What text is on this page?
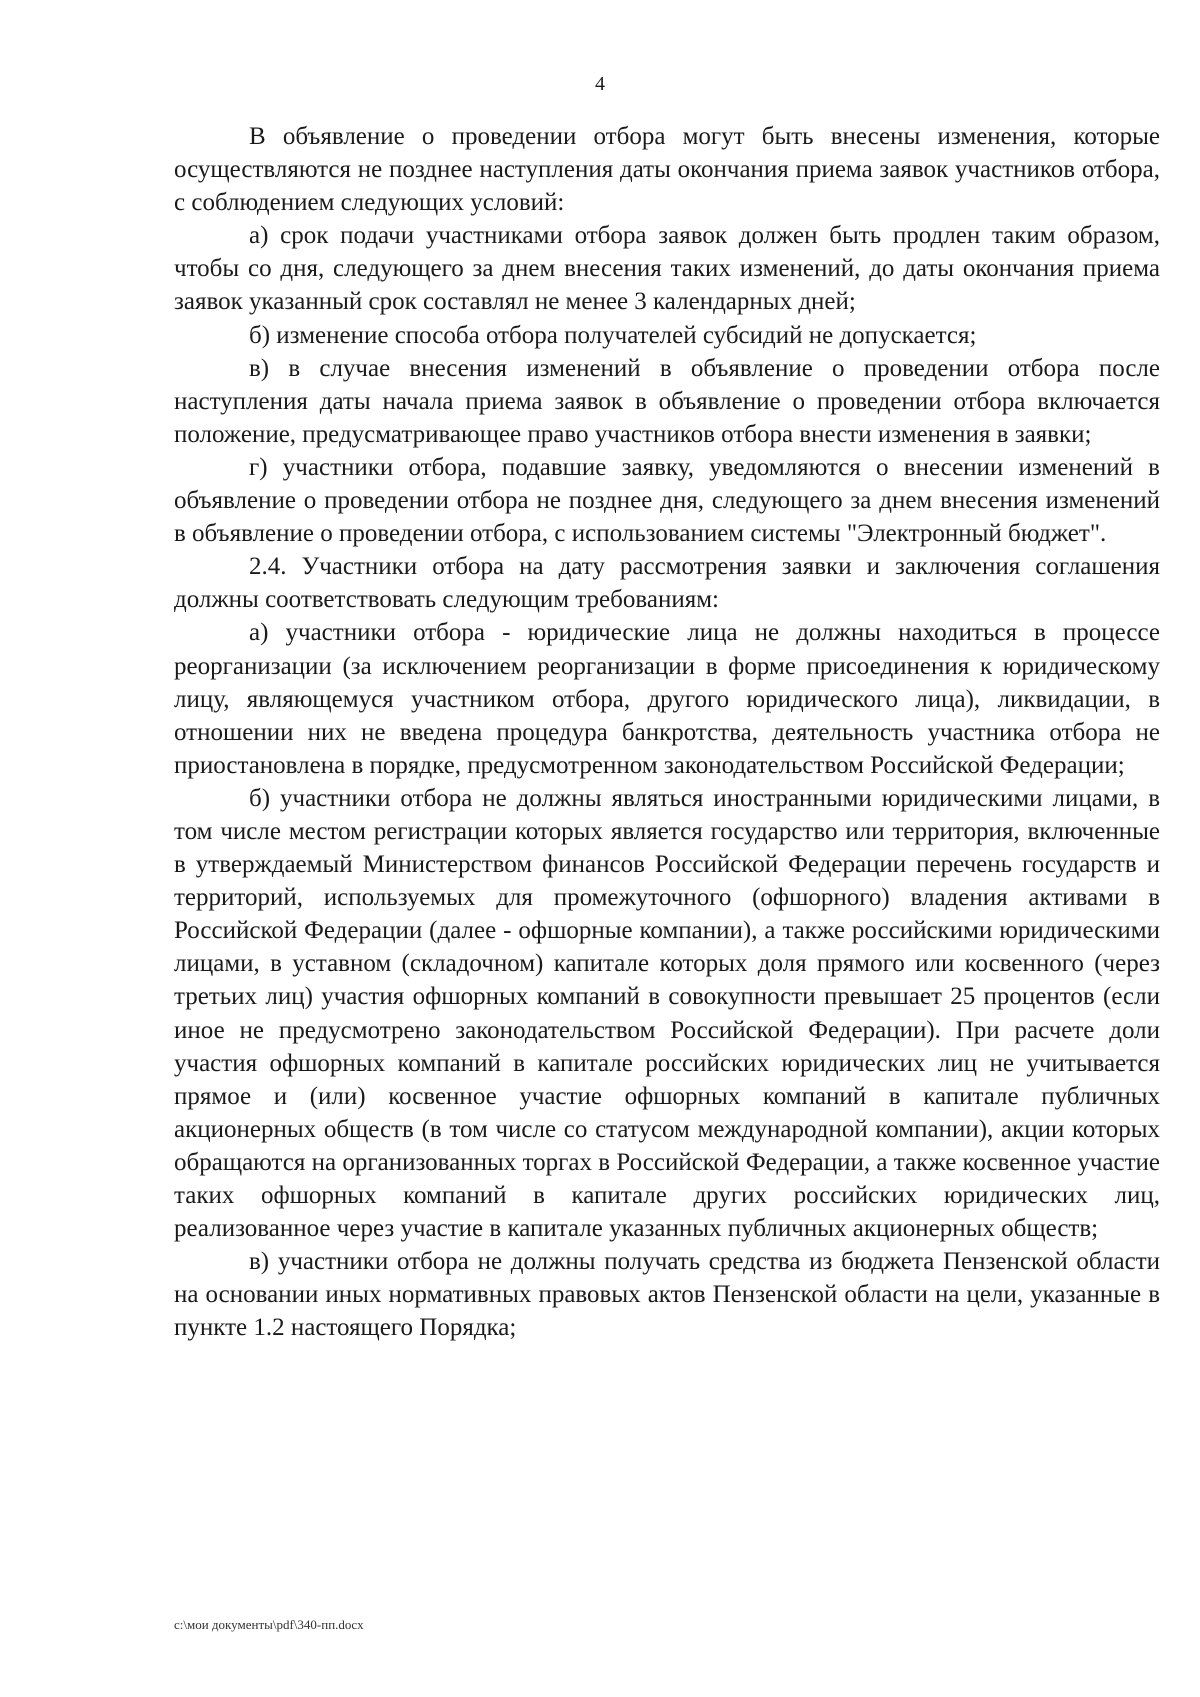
4

В объявление о проведении отбора могут быть внесены изменения, которые осуществляются не позднее наступления даты окончания приема заявок участников отбора, с соблюдением следующих условий:

а) срок подачи участниками отбора заявок должен быть продлен таким образом, чтобы со дня, следующего за днем внесения таких изменений, до даты окончания приема заявок указанный срок составлял не менее 3 календарных дней;

б) изменение способа отбора получателей субсидий не допускается;

в) в случае внесения изменений в объявление о проведении отбора после наступления даты начала приема заявок в объявление о проведении отбора включается положение, предусматривающее право участников отбора внести изменения в заявки;

г) участники отбора, подавшие заявку, уведомляются о внесении изменений в объявление о проведении отбора не позднее дня, следующего за днем внесения изменений в объявление о проведении отбора, с использованием системы "Электронный бюджет".

2.4. Участники отбора на дату рассмотрения заявки и заключения соглашения должны соответствовать следующим требованиям:

а) участники отбора - юридические лица не должны находиться в процессе реорганизации (за исключением реорганизации в форме присоединения к юридическому лицу, являющемуся участником отбора, другого юридического лица), ликвидации, в отношении них не введена процедура банкротства, деятельность участника отбора не приостановлена в порядке, предусмотренном законодательством Российской Федерации;

б) участники отбора не должны являться иностранными юридическими лицами, в том числе местом регистрации которых является государство или территория, включенные в утверждаемый Министерством финансов Российской Федерации перечень государств и территорий, используемых для промежуточного (офшорного) владения активами в Российской Федерации (далее - офшорные компании), а также российскими юридическими лицами, в уставном (складочном) капитале которых доля прямого или косвенного (через третьих лиц) участия офшорных компаний в совокупности превышает 25 процентов (если иное не предусмотрено законодательством Российской Федерации). При расчете доли участия офшорных компаний в капитале российских юридических лиц не учитывается прямое и (или) косвенное участие офшорных компаний в капитале публичных акционерных обществ (в том числе со статусом международной компании), акции которых обращаются на организованных торгах в Российской Федерации, а также косвенное участие таких офшорных компаний в капитале других российских юридических лиц, реализованное через участие в капитале указанных публичных акционерных обществ;

в) участники отбора не должны получать средства из бюджета Пензенской области на основании иных нормативных правовых актов Пензенской области на цели, указанные в пункте 1.2 настоящего Порядка;

c:\мои документы\pdf\340-пп.docx
